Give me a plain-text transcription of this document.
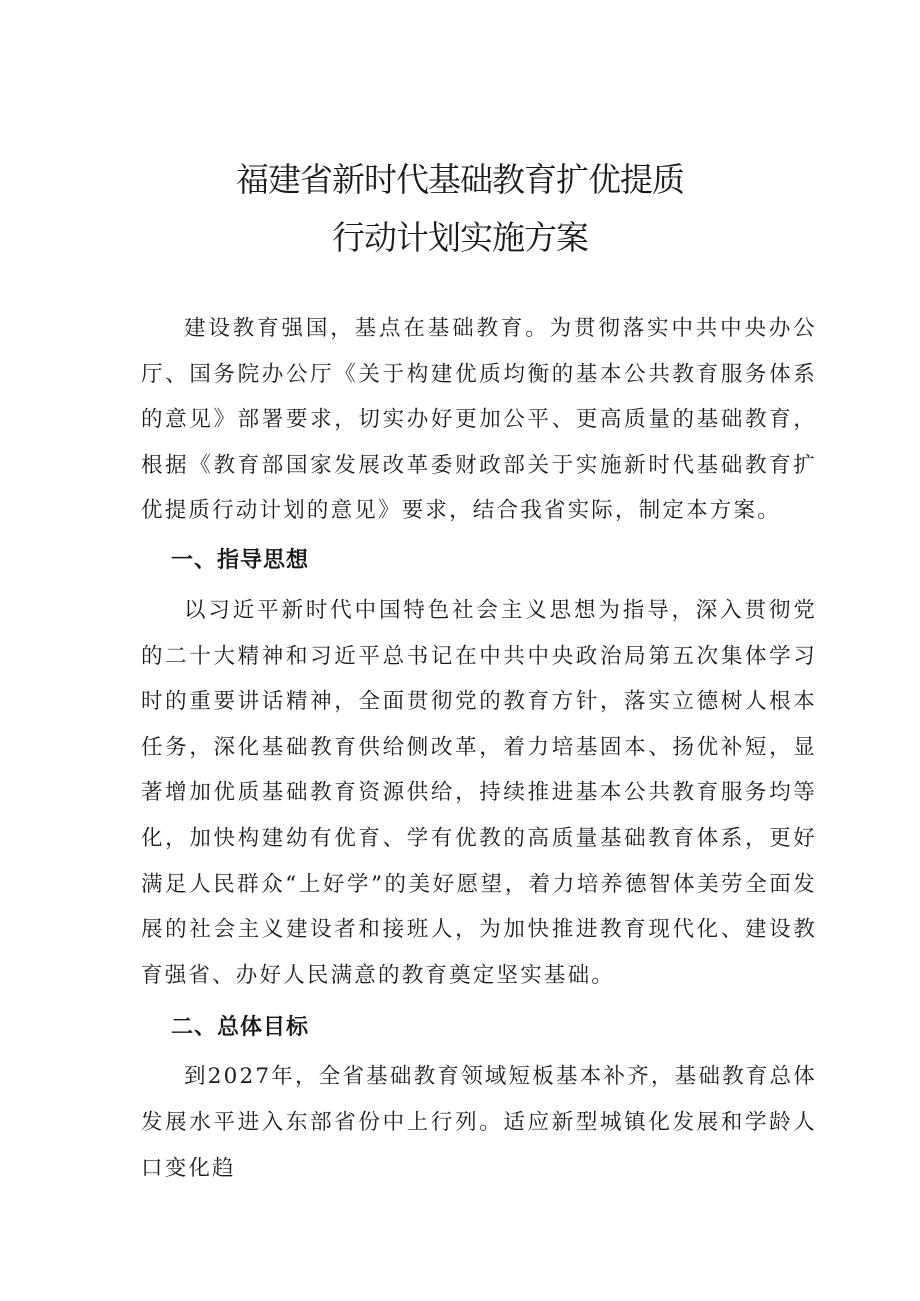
福建省新时代基础教育扩优提质
行动计划实施方案

建设教育强国，基点在基础教育。为贯彻落实中共中央办公厅、国务院办公厅《关于构建优质均衡的基本公共教育服务体系的意见》部署要求，切实办好更加公平、更高质量的基础教育，根据《教育部国家发展改革委财政部关于实施新时代基础教育扩优提质行动计划的意见》要求，结合我省实际，制定本方案。

一、指导思想

以习近平新时代中国特色社会主义思想为指导，深入贯彻党的二十大精神和习近平总书记在中共中央政治局第五次集体学习时的重要讲话精神，全面贯彻党的教育方针，落实立德树人根本任务，深化基础教育供给侧改革，着力培基固本、扬优补短，显著增加优质基础教育资源供给，持续推进基本公共教育服务均等化，加快构建幼有优育、学有优教的高质量基础教育体系，更好满足人民群众“上好学”的美好愿望，着力培养德智体美劳全面发展的社会主义建设者和接班人，为加快推进教育现代化、建设教育强省、办好人民满意的教育奠定坚实基础。

二、总体目标

到2027年，全省基础教育领域短板基本补齐，基础教育总体发展水平进入东部省份中上行列。适应新型城镇化发展和学龄人口变化趋
